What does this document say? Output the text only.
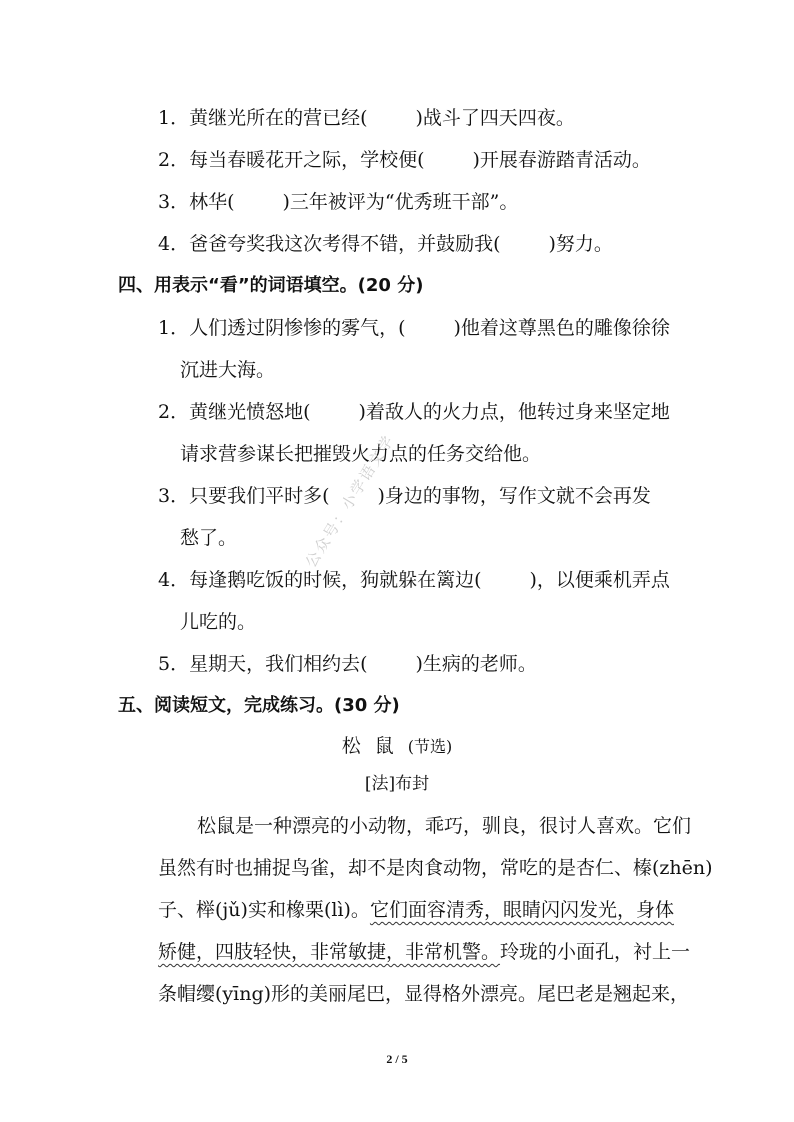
1．黄继光所在的营已经(	)战斗了四天四夜。
2．每当春暖花开之际，学校便(	)开展春游踏青活动。
3．林华(	)三年被评为“优秀班干部”。
4．爸爸夸奖我这次考得不错，并鼓励我(	)努力。
四、用表示“看”的词语填空。(20 分)
1．人们透过阴惨惨的雾气，(	)他着这尊黑色的雕像徐徐
沉进大海。
2．黄继光愤怒地(	)着敌人的火力点，他转过身来坚定地
请求营参谋长把摧毁火力点的任务交给他。
3．只要我们平时多(	)身边的事物，写作文就不会再发
愁了。
4．每逢鹅吃饭的时候，狗就躲在篱边(	)，以便乘机弄点
儿吃的。
5．星期天，我们相约去(	)生病的老师。
五、阅读短文，完成练习。(30 分)
松鼠(节选)
[法]布封
松鼠是一种漂亮的小动物，乖巧，驯良，很讨人喜欢。它们
虽然有时也捕捉鸟雀，却不是肉食动物，常吃的是杏仁、榛(zhēn)
子、榉(jǔ)实和橡栗(lì)。它们面容清秀，眼睛闪闪发光，身体
矫健，四肢轻快，非常敏捷，非常机警。玲珑的小面孔，衬上一
条帽缨(yīng)形的美丽尾巴，显得格外漂亮。尾巴老是翘起来，
公众号：小学语文学
2 / 5
